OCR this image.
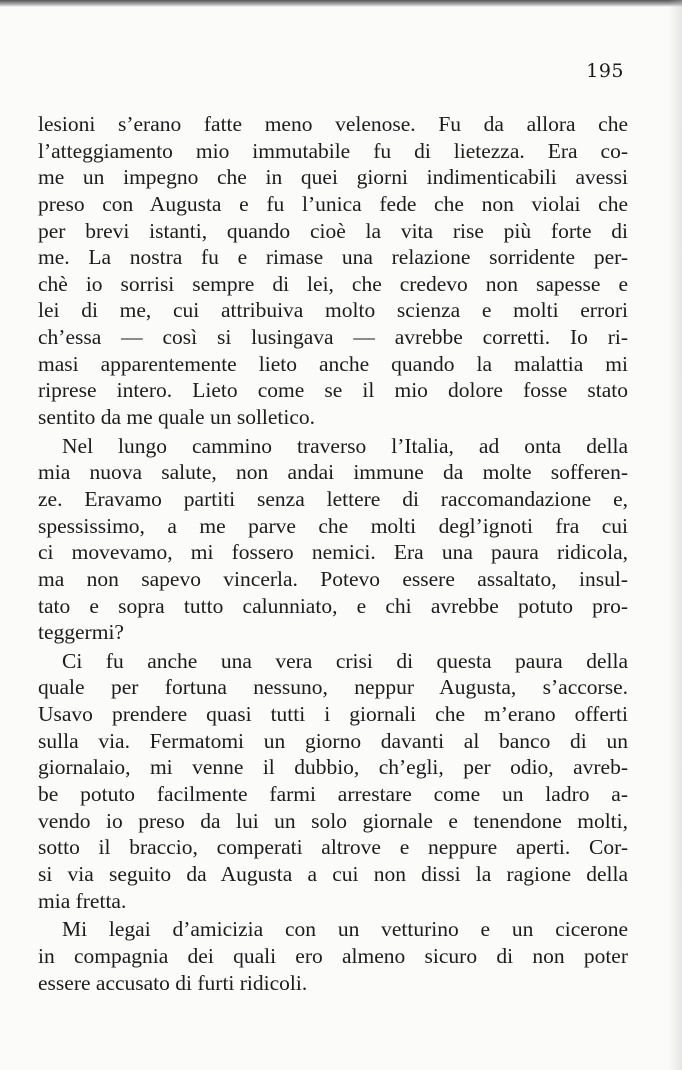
195
lesioni s’erano fatte meno velenose. Fu da allora che
l’atteggiamento mio immutabile fu di lietezza. Era co-
me un impegno che in quei giorni indimenticabili avessi
preso con Augusta e fu l’unica fede che non violai che
per brevi istanti, quando cioè la vita rise più forte di
me. La nostra fu e rimase una relazione sorridente per-
chè io sorrisi sempre di lei, che credevo non sapesse e
lei di me, cui attribuiva molto scienza e molti errori
ch’essa — così si lusingava — avrebbe corretti. Io ri-
masi apparentemente lieto anche quando la malattia mi
riprese intero. Lieto come se il mio dolore fosse stato
sentito da me quale un solletico.
Nel lungo cammino traverso l’Italia, ad onta della
mia nuova salute, non andai immune da molte sofferen-
ze. Eravamo partiti senza lettere di raccomandazione e,
spessissimo, a me parve che molti degl’ignoti fra cui
ci movevamo, mi fossero nemici. Era una paura ridicola,
ma non sapevo vincerla. Potevo essere assaltato, insul-
tato e sopra tutto calunniato, e chi avrebbe potuto pro-
teggermi?
Ci fu anche una vera crisi di questa paura della
quale per fortuna nessuno, neppur Augusta, s’accorse.
Usavo prendere quasi tutti i giornali che m’erano offerti
sulla via. Fermatomi un giorno davanti al banco di un
giornalaio, mi venne il dubbio, ch’egli, per odio, avreb-
be potuto facilmente farmi arrestare come un ladro a-
vendo io preso da lui un solo giornale e tenendone molti,
sotto il braccio, comperati altrove e neppure aperti. Cor-
si via seguito da Augusta a cui non dissi la ragione della
mia fretta.
Mi legai d’amicizia con un vetturino e un cicerone
in compagnia dei quali ero almeno sicuro di non poter
essere accusato di furti ridicoli.
